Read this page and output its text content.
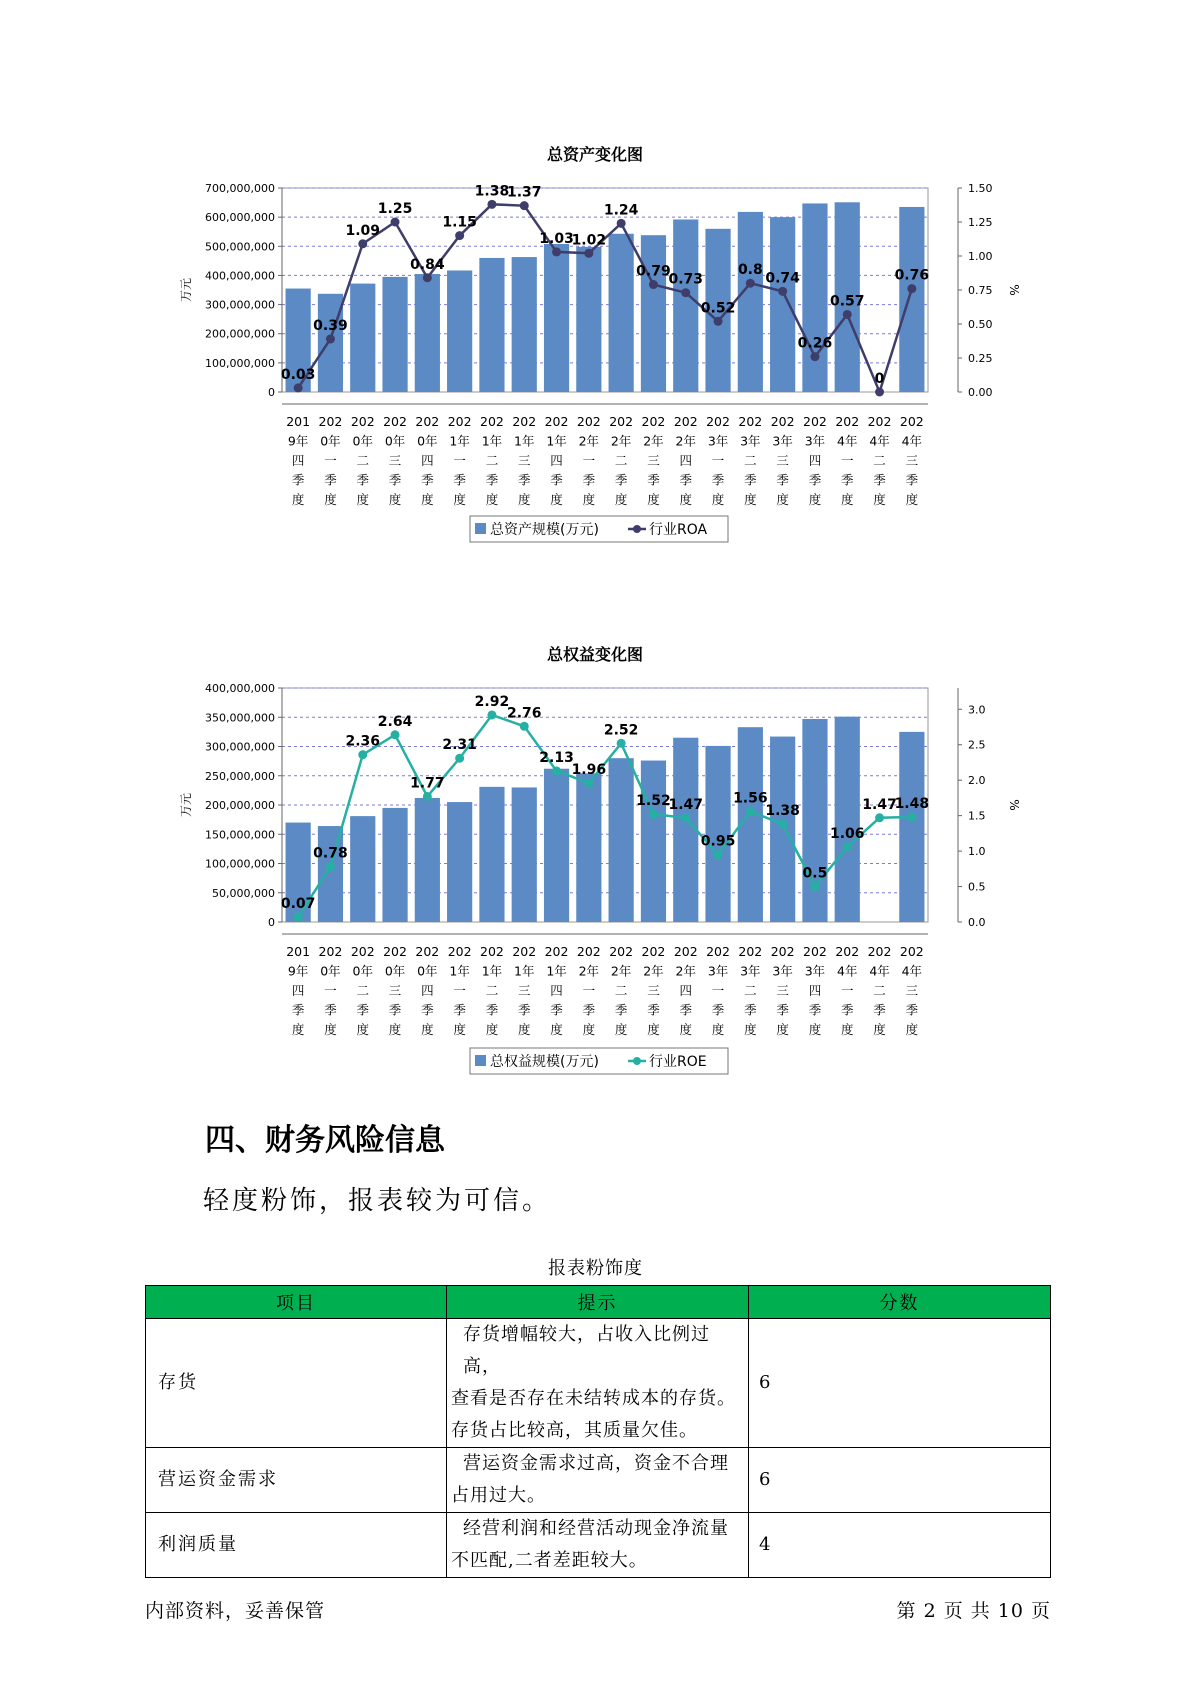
总资产变化图
0
100,000,000
200,000,000
300,000,000
400,000,000
500,000,000
600,000,000
700,000,000
0.00
0.25
0.50
0.75
1.00
1.25
1.50
万元	%
0.03
0.39
1.09
1.25
0.84
1.15
1.38
1.37
1.03
1.02
1.24
0.79
0.73
0.52
0.8
0.74
0.26
0.57
0
0.76
201
9年
四
季
度
202
0年
一
季
度
202
0年
二
季
度
202
0年
三
季
度
202
0年
四
季
度
202
1年
一
季
度
202
1年
二
季
度
202
1年
三
季
度
202
1年
四
季
度
202
2年
一
季
度
202
2年
二
季
度
202
2年
三
季
度
202
2年
四
季
度
202
3年
一
季
度
202
3年
二
季
度
202
3年
三
季
度
202
3年
四
季
度
202
4年
一
季
度
202
4年
二
季
度
202
4年
三
季
度
总资产规模(万元)	行业ROA
总权益变化图
0
50,000,000
100,000,000
150,000,000
200,000,000
250,000,000
300,000,000
350,000,000
400,000,000
0.0
0.5
1.0
1.5
2.0
2.5
3.0
万元	%
0.07
0.78
2.36
2.64
1.77
2.31
2.92
2.76
2.13
1.96
2.52
1.52
1.47
0.95
1.56
1.38
0.5
1.06
1.47
1.48
201
9年
四
季
度
202
0年
一
季
度
202
0年
二
季
度
202
0年
三
季
度
202
0年
四
季
度
202
1年
一
季
度
202
1年
二
季
度
202
1年
三
季
度
202
1年
四
季
度
202
2年
一
季
度
202
2年
二
季
度
202
2年
三
季
度
202
2年
四
季
度
202
3年
一
季
度
202
3年
二
季
度
202
3年
三
季
度
202
3年
四
季
度
202
4年
一
季
度
202
4年
二
季
度
202
4年
三
季
度
总权益规模(万元)	行业ROE
四、财务风险信息

轻度粉饰，报表较为可信。

报表粉饰度
项目	提示	分数
存货	存货增幅较大，占收入比例过高，
查看是否存在未结转成本的存货。
存货占比较高，其质量欠佳。	6
营运资金需求	营运资金需求过高，资金不合理
占用过大。	6
利润质量	经营利润和经营活动现金净流量
不匹配,二者差距较大。	4
内部资料，妥善保管	第 2 页 共 10 页
